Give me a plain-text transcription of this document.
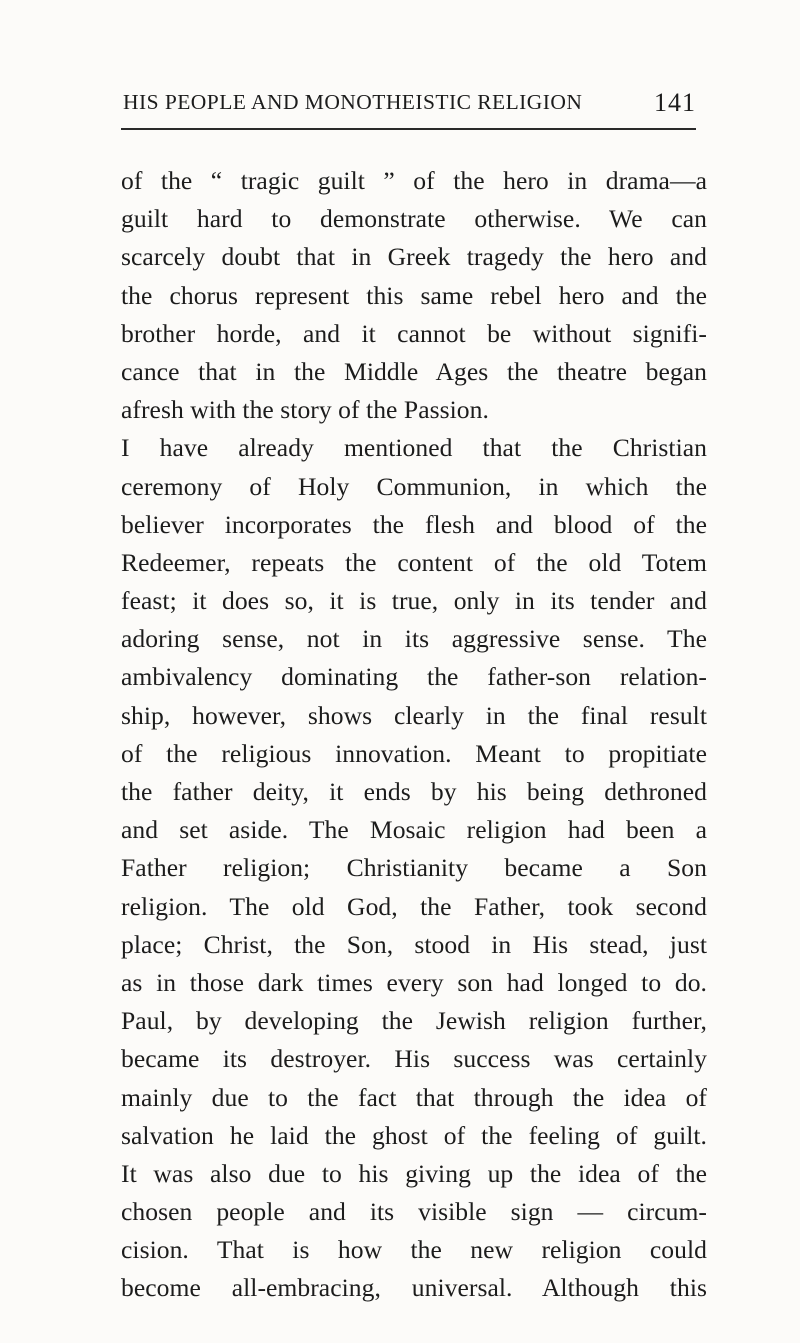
HIS PEOPLE AND MONOTHEISTIC RELIGION	141
of the “ tragic guilt ” of the hero in drama—a
guilt hard to demonstrate otherwise. We can
scarcely doubt that in Greek tragedy the hero and
the chorus represent this same rebel hero and the
brother horde, and it cannot be without signifi-
cance that in the Middle Ages the theatre began
afresh with the story of the Passion.
I have already mentioned that the Christian
ceremony of Holy Communion, in which the
believer incorporates the flesh and blood of the
Redeemer, repeats the content of the old Totem
feast; it does so, it is true, only in its tender and
adoring sense, not in its aggressive sense. The
ambivalency dominating the father-son relation-
ship, however, shows clearly in the final result
of the religious innovation. Meant to propitiate
the father deity, it ends by his being dethroned
and set aside. The Mosaic religion had been a
Father religion; Christianity became a Son
religion. The old God, the Father, took second
place; Christ, the Son, stood in His stead, just
as in those dark times every son had longed to do.
Paul, by developing the Jewish religion further,
became its destroyer. His success was certainly
mainly due to the fact that through the idea of
salvation he laid the ghost of the feeling of guilt.
It was also due to his giving up the idea of the
chosen people and its visible sign — circum-
cision. That is how the new religion could
become all-embracing, universal. Although this
